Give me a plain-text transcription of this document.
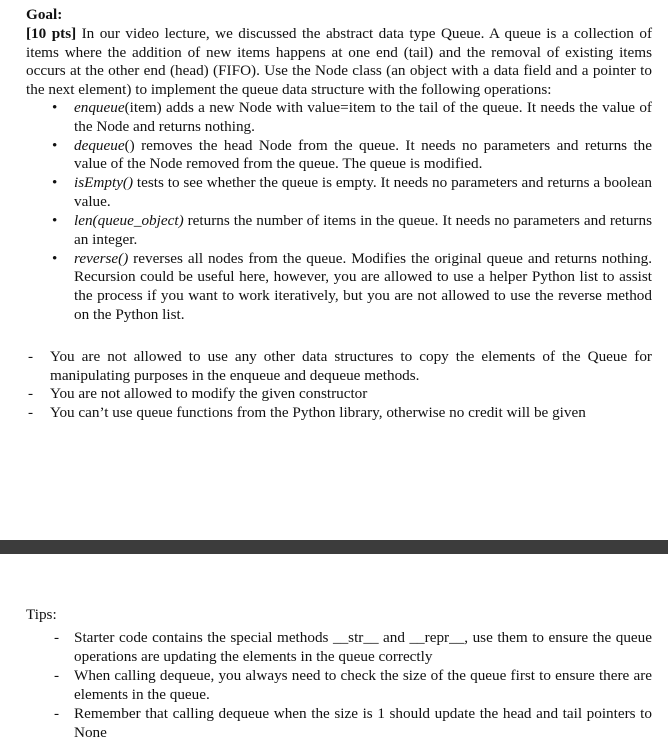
Goal:
[10 pts] In our video lecture, we discussed the abstract data type Queue. A queue is a collection of items where the addition of new items happens at one end (tail) and the removal of existing items occurs at the other end (head) (FIFO). Use the Node class (an object with a data field and a pointer to the next element) to implement the queue data structure with the following operations:
• enqueue(item) adds a new Node with value=item to the tail of the queue. It needs the value of the Node and returns nothing.
• dequeue() removes the head Node from the queue. It needs no parameters and returns the value of the Node removed from the queue. The queue is modified.
• isEmpty() tests to see whether the queue is empty. It needs no parameters and returns a boolean value.
• len(queue_object) returns the number of items in the queue. It needs no parameters and returns an integer.
• reverse() reverses all nodes from the queue. Modifies the original queue and returns nothing. Recursion could be useful here, however, you are allowed to use a helper Python list to assist the process if you want to work iteratively, but you are not allowed to use the reverse method on the Python list.
- You are not allowed to use any other data structures to copy the elements of the Queue for manipulating purposes in the enqueue and dequeue methods.
- You are not allowed to modify the given constructor
- You can’t use queue functions from the Python library, otherwise no credit will be given
Tips:
- Starter code contains the special methods __str__ and __repr__, use them to ensure the queue operations are updating the elements in the queue correctly
- When calling dequeue, you always need to check the size of the queue first to ensure there are elements in the queue.
- Remember that calling dequeue when the size is 1 should update the head and tail pointers to None
